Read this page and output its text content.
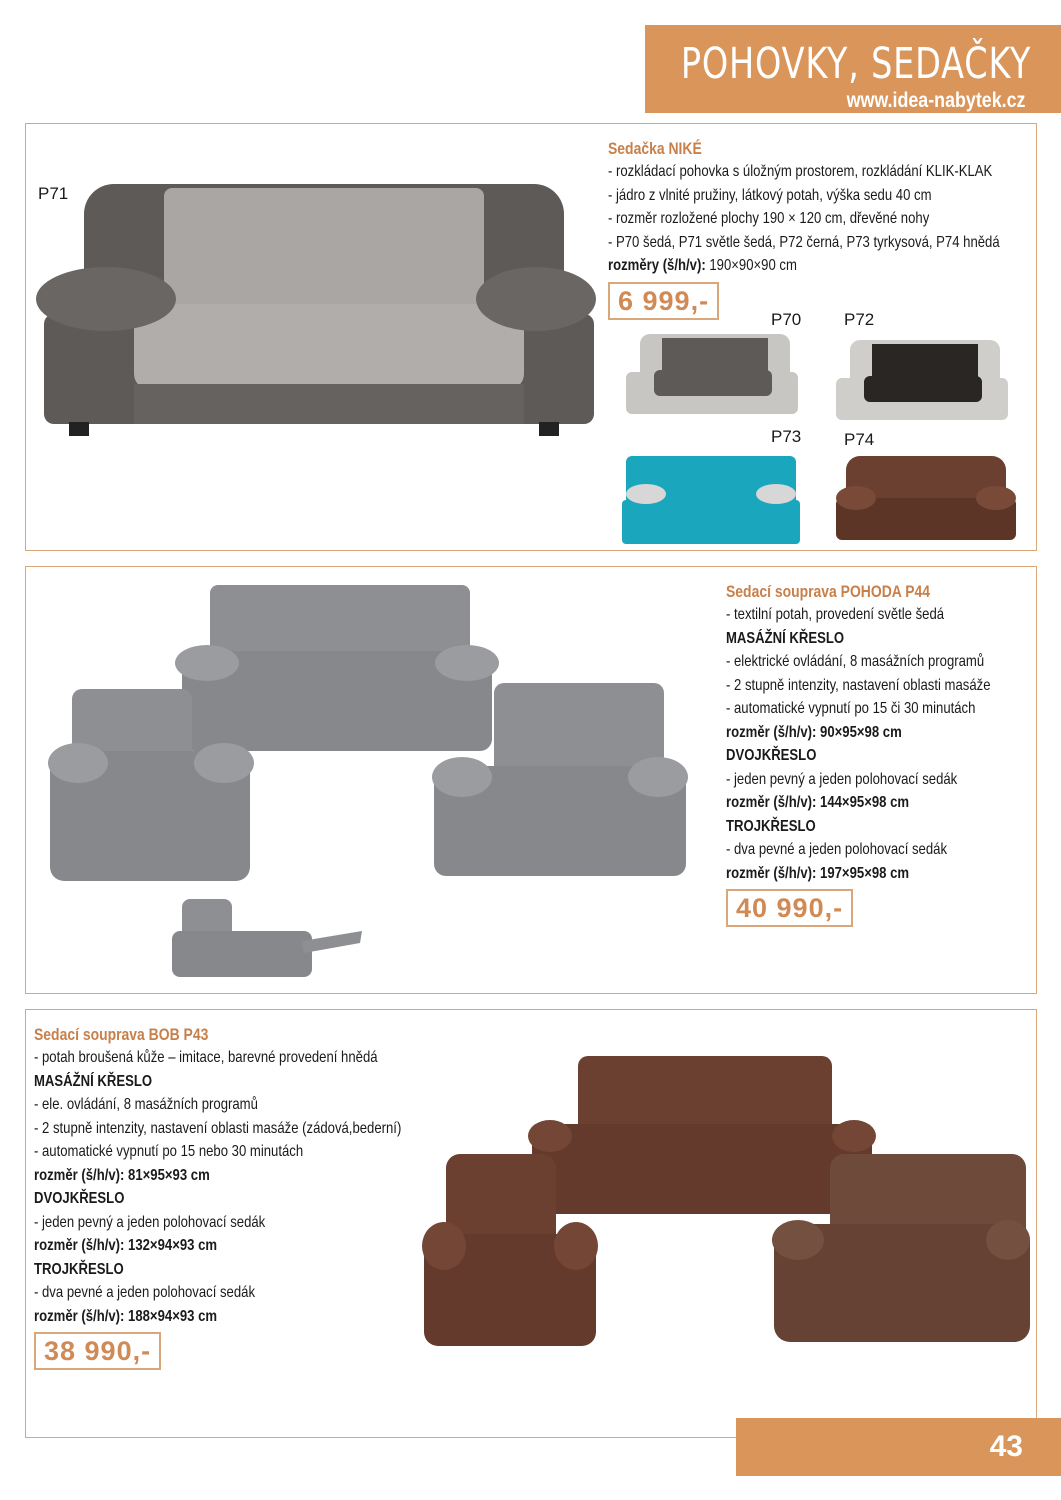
POHOVKY, SEDAČKY
www.idea-nabytek.cz
P71
Sedačka NIKÉ
- rozkládací pohovka s úložným prostorem, rozkládání KLIK-KLAK
- jádro z vlnité pružiny, látkový potah, výška sedu 40 cm
- rozměr rozložené plochy 190 × 120 cm, dřevěné nohy
- P70 šedá, P71 světle šedá, P72 černá, P73 tyrkysová, P74 hnědá
rozměry (š/h/v): 190×90×90 cm
6 999,-
P70	P72
P73	P74
Sedací souprava POHODA P44
- textilní potah, provedení světle šedá
MASÁŽNÍ KŘESLO
- elektrické ovládání, 8 masážních programů
- 2 stupně intenzity, nastavení oblasti masáže
- automatické vypnutí po 15 či 30 minutách
rozměr (š/h/v): 90×95×98 cm
DVOJKŘESLO
- jeden pevný a jeden polohovací sedák
rozměr (š/h/v): 144×95×98 cm
TROJKŘESLO
- dva pevné a jeden polohovací sedák
rozměr (š/h/v): 197×95×98 cm
40 990,-
Sedací souprava BOB P43
- potah broušená kůže – imitace, barevné provedení hnědá
MASÁŽNÍ KŘESLO
- ele. ovládání, 8 masážních programů
- 2 stupně intenzity, nastavení oblasti masáže (zádová,bederní)
- automatické vypnutí po 15 nebo 30 minutách
rozměr (š/h/v): 81×95×93 cm
DVOJKŘESLO
- jeden pevný a jeden polohovací sedák
rozměr (š/h/v): 132×94×93 cm
TROJKŘESLO
- dva pevné a jeden polohovací sedák
rozměr (š/h/v): 188×94×93 cm
38 990,-
43
